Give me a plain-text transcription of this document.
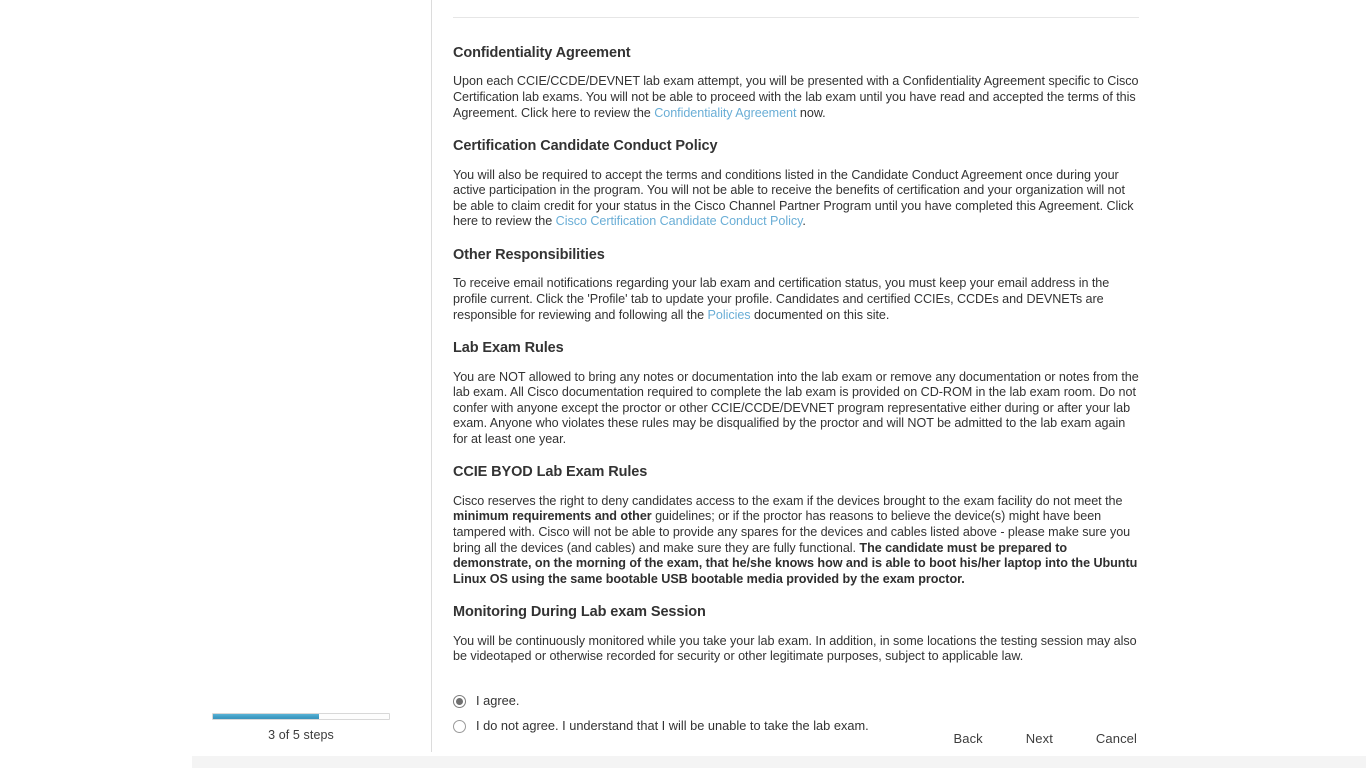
3 of 5 steps
Confidentiality Agreement

Upon each CCIE/CCDE/DEVNET lab exam attempt, you will be presented with a Confidentiality Agreement specific to Cisco Certification lab exams. You will not be able to proceed with the lab exam until you have read and accepted the terms of this Agreement. Click here to review the Confidentiality Agreement now.

Certification Candidate Conduct Policy

You will also be required to accept the terms and conditions listed in the Candidate Conduct Agreement once during your active participation in the program. You will not be able to receive the benefits of certification and your organization will not be able to claim credit for your status in the Cisco Channel Partner Program until you have completed this Agreement. Click here to review the Cisco Certification Candidate Conduct Policy.

Other Responsibilities

To receive email notifications regarding your lab exam and certification status, you must keep your email address in the profile current. Click the 'Profile' tab to update your profile. Candidates and certified CCIEs, CCDEs and DEVNETs are responsible for reviewing and following all the Policies documented on this site.

Lab Exam Rules

You are NOT allowed to bring any notes or documentation into the lab exam or remove any documentation or notes from the lab exam. All Cisco documentation required to complete the lab exam is provided on CD-ROM in the lab exam room. Do not confer with anyone except the proctor or other CCIE/CCDE/DEVNET program representative either during or after your lab exam. Anyone who violates these rules may be disqualified by the proctor and will NOT be admitted to the lab exam again for at least one year.

CCIE BYOD Lab Exam Rules

Cisco reserves the right to deny candidates access to the exam if the devices brought to the exam facility do not meet the minimum requirements and other guidelines; or if the proctor has reasons to believe the device(s) might have been tampered with. Cisco will not be able to provide any spares for the devices and cables listed above - please make sure you bring all the devices (and cables) and make sure they are fully functional. The candidate must be prepared to demonstrate, on the morning of the exam, that he/she knows how and is able to boot his/her laptop into the Ubuntu Linux OS using the same bootable USB bootable media provided by the exam proctor.

Monitoring During Lab exam Session

You will be continuously monitored while you take your lab exam. In addition, in some locations the testing session may also be videotaped or otherwise recorded for security or other legitimate purposes, subject to applicable law.

I agree.
I do not agree. I understand that I will be unable to take the lab exam.
Back	Next	Cancel
